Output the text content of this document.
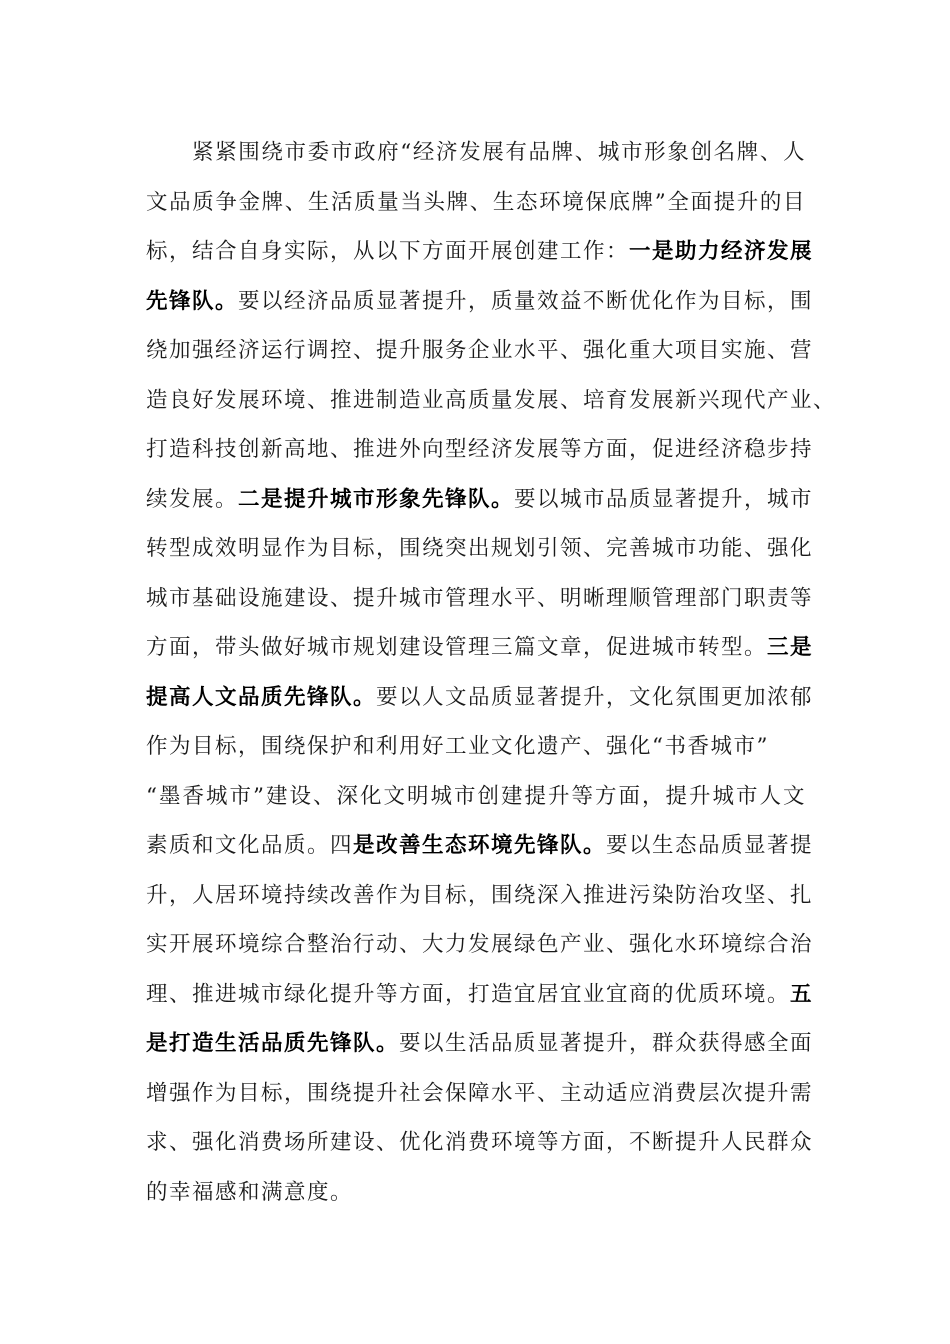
紧紧围绕市委市政府“经济发展有品牌、城市形象创名牌、人
文品质争金牌、生活质量当头牌、生态环境保底牌”全面提升的目
标，结合自身实际，从以下方面开展创建工作：一是助力经济发展
先锋队。要以经济品质显著提升，质量效益不断优化作为目标，围
绕加强经济运行调控、提升服务企业水平、强化重大项目实施、营
造良好发展环境、推进制造业高质量发展、培育发展新兴现代产业、
打造科技创新高地、推进外向型经济发展等方面，促进经济稳步持
续发展。二是提升城市形象先锋队。要以城市品质显著提升，城市
转型成效明显作为目标，围绕突出规划引领、完善城市功能、强化
城市基础设施建设、提升城市管理水平、明晰理顺管理部门职责等
方面，带头做好城市规划建设管理三篇文章，促进城市转型。三是
提高人文品质先锋队。要以人文品质显著提升，文化氛围更加浓郁
作为目标，围绕保护和利用好工业文化遗产、强化“书香城市”
“墨香城市”建设、深化文明城市创建提升等方面，提升城市人文
素质和文化品质。四是改善生态环境先锋队。要以生态品质显著提
升，人居环境持续改善作为目标，围绕深入推进污染防治攻坚、扎
实开展环境综合整治行动、大力发展绿色产业、强化水环境综合治
理、推进城市绿化提升等方面，打造宜居宜业宜商的优质环境。五
是打造生活品质先锋队。要以生活品质显著提升，群众获得感全面
增强作为目标，围绕提升社会保障水平、主动适应消费层次提升需
求、强化消费场所建设、优化消费环境等方面，不断提升人民群众
的幸福感和满意度。
